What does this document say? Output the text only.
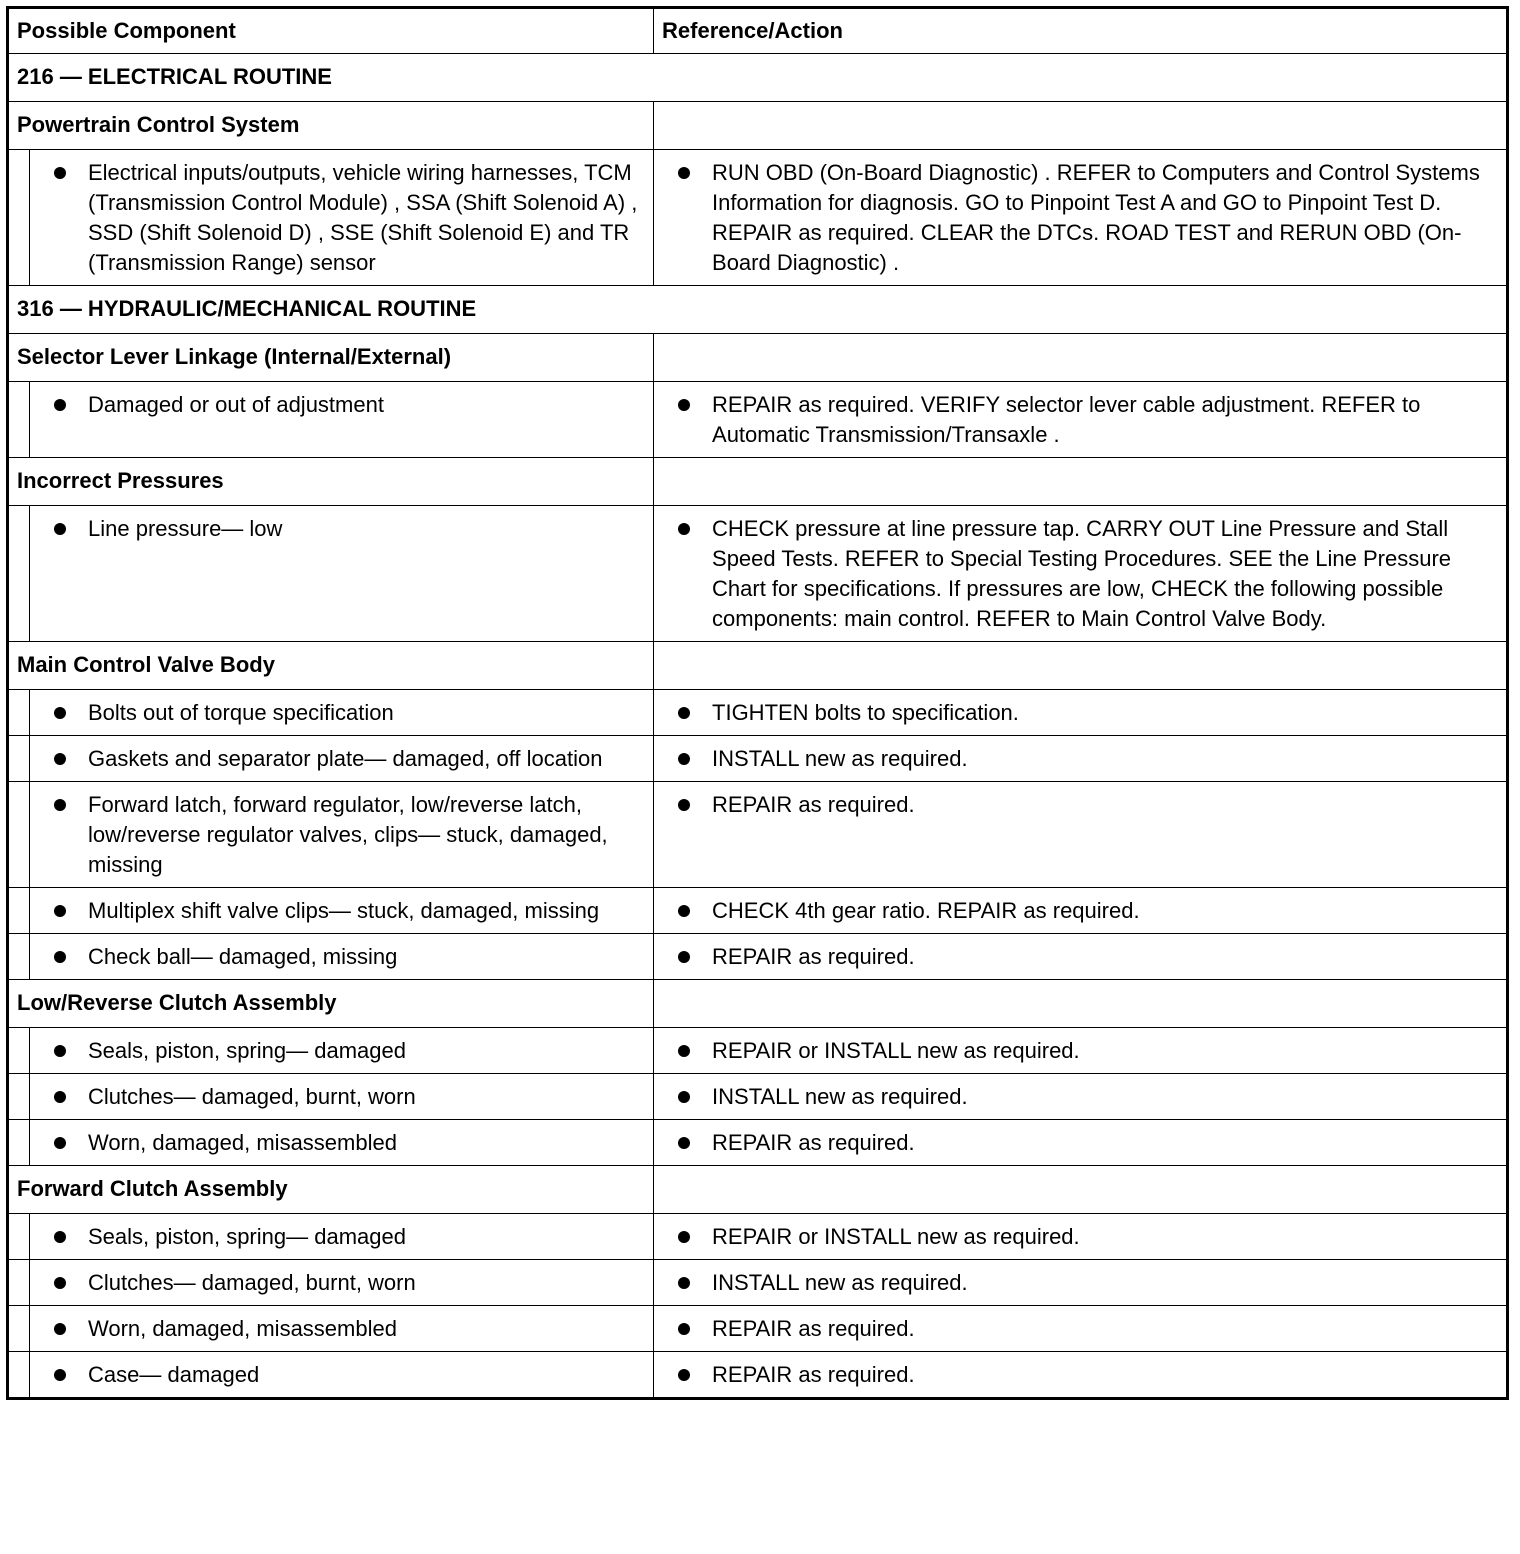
Possible Component		Reference/Action
216 — ELECTRICAL ROUTINE		
Powertrain Control System		

	Electrical inputs/outputs, vehicle wiring harnesses, TCM (Transmission Control Module) , SSA (Shift Solenoid A) , SSD (Shift Solenoid D) , SSE (Shift Solenoid E) and TR (Transmission Range) sensor	RUN OBD (On-Board Diagnostic) . REFER to Computers and Control Systems Information for diagnosis. GO to Pinpoint Test A and GO to Pinpoint Test D. REPAIR as required. CLEAR the DTCs. ROAD TEST and RERUN OBD (On-Board Diagnostic) .

316 — HYDRAULIC/MECHANICAL ROUTINE		
Selector Lever Linkage (Internal/External)		

	Damaged or out of adjustment	REPAIR as required. VERIFY selector lever cable adjustment. REFER to Automatic Transmission/Transaxle .

Incorrect Pressures		

	Line pressure— low	CHECK pressure at line pressure tap. CARRY OUT Line Pressure and Stall Speed Tests. REFER to Special Testing Procedures. SEE the Line Pressure Chart for specifications. If pressures are low, CHECK the following possible components: main control. REFER to Main Control Valve Body.

Main Control Valve Body		

	Bolts out of torque specification	TIGHTEN bolts to specification.

	Gaskets and separator plate— damaged, off location	INSTALL new as required.

	Forward latch, forward regulator, low/reverse latch, low/reverse regulator valves, clips— stuck, damaged, missing	REPAIR as required.

	Multiplex shift valve clips— stuck, damaged, missing	CHECK 4th gear ratio. REPAIR as required.

	Check ball— damaged, missing	REPAIR as required.

Low/Reverse Clutch Assembly		

	Seals, piston, spring— damaged	REPAIR or INSTALL new as required.

	Clutches— damaged, burnt, worn	INSTALL new as required.

	Worn, damaged, misassembled	REPAIR as required.

Forward Clutch Assembly		

	Seals, piston, spring— damaged	REPAIR or INSTALL new as required.

	Clutches— damaged, burnt, worn	INSTALL new as required.

	Worn, damaged, misassembled	REPAIR as required.

	Case— damaged	REPAIR as required.
